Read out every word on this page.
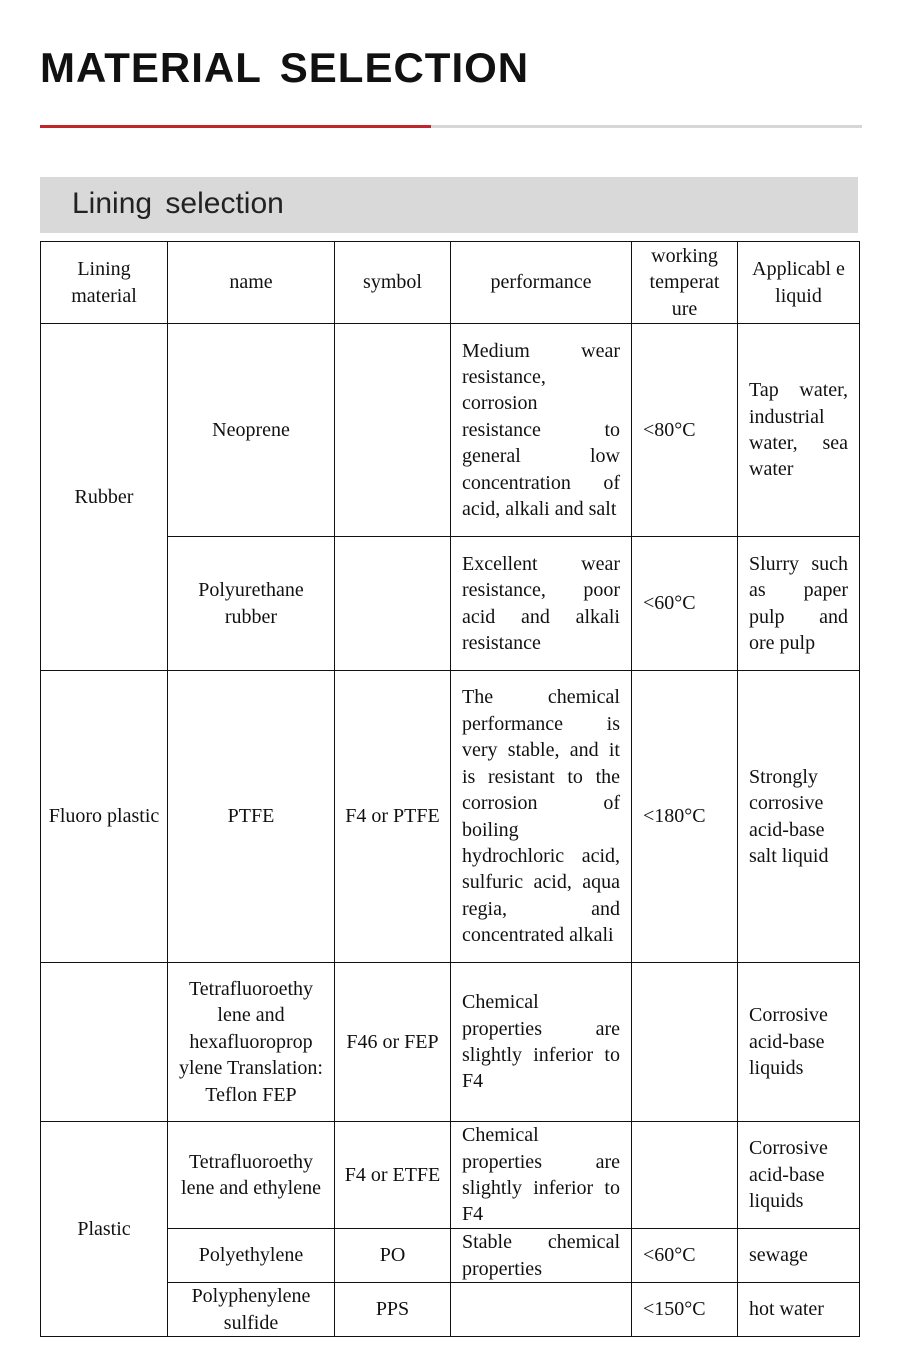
MATERIAL SELECTION
Lining selection
Lining material	name	symbol	performance	working temperat ure	Applicabl e liquid
Rubber	Neoprene		Medium wear resistance, corrosion resistance to general low concentration of acid, alkali and salt	<80°C	Tap water, industrial water, sea water
	Polyurethane rubber		Excellent wear resistance, poor acid and alkali resistance	<60°C	Slurry such as paper pulp and ore pulp
Fluoro plastic	PTFE	F4 or PTFE	The chemical performance is very stable, and it is resistant to the corrosion of boiling hydrochloric acid, sulfuric acid, aqua regia, and concentrated alkali	<180°C	Strongly corrosive acid-base salt liquid
	Tetrafluoroethy lene and hexafluoroprop ylene Translation: Teflon FEP	F46 or FEP	Chemical properties are slightly inferior to F4		Corrosive acid-base liquids
Plastic	Tetrafluoroethy lene and ethylene	F4 or ETFE	Chemical properties are slightly inferior to F4		Corrosive acid-base liquids
	Polyethylene	PO	Stable chemical properties	<60°C	sewage
	Polyphenylene sulfide	PPS		<150°C	hot water
